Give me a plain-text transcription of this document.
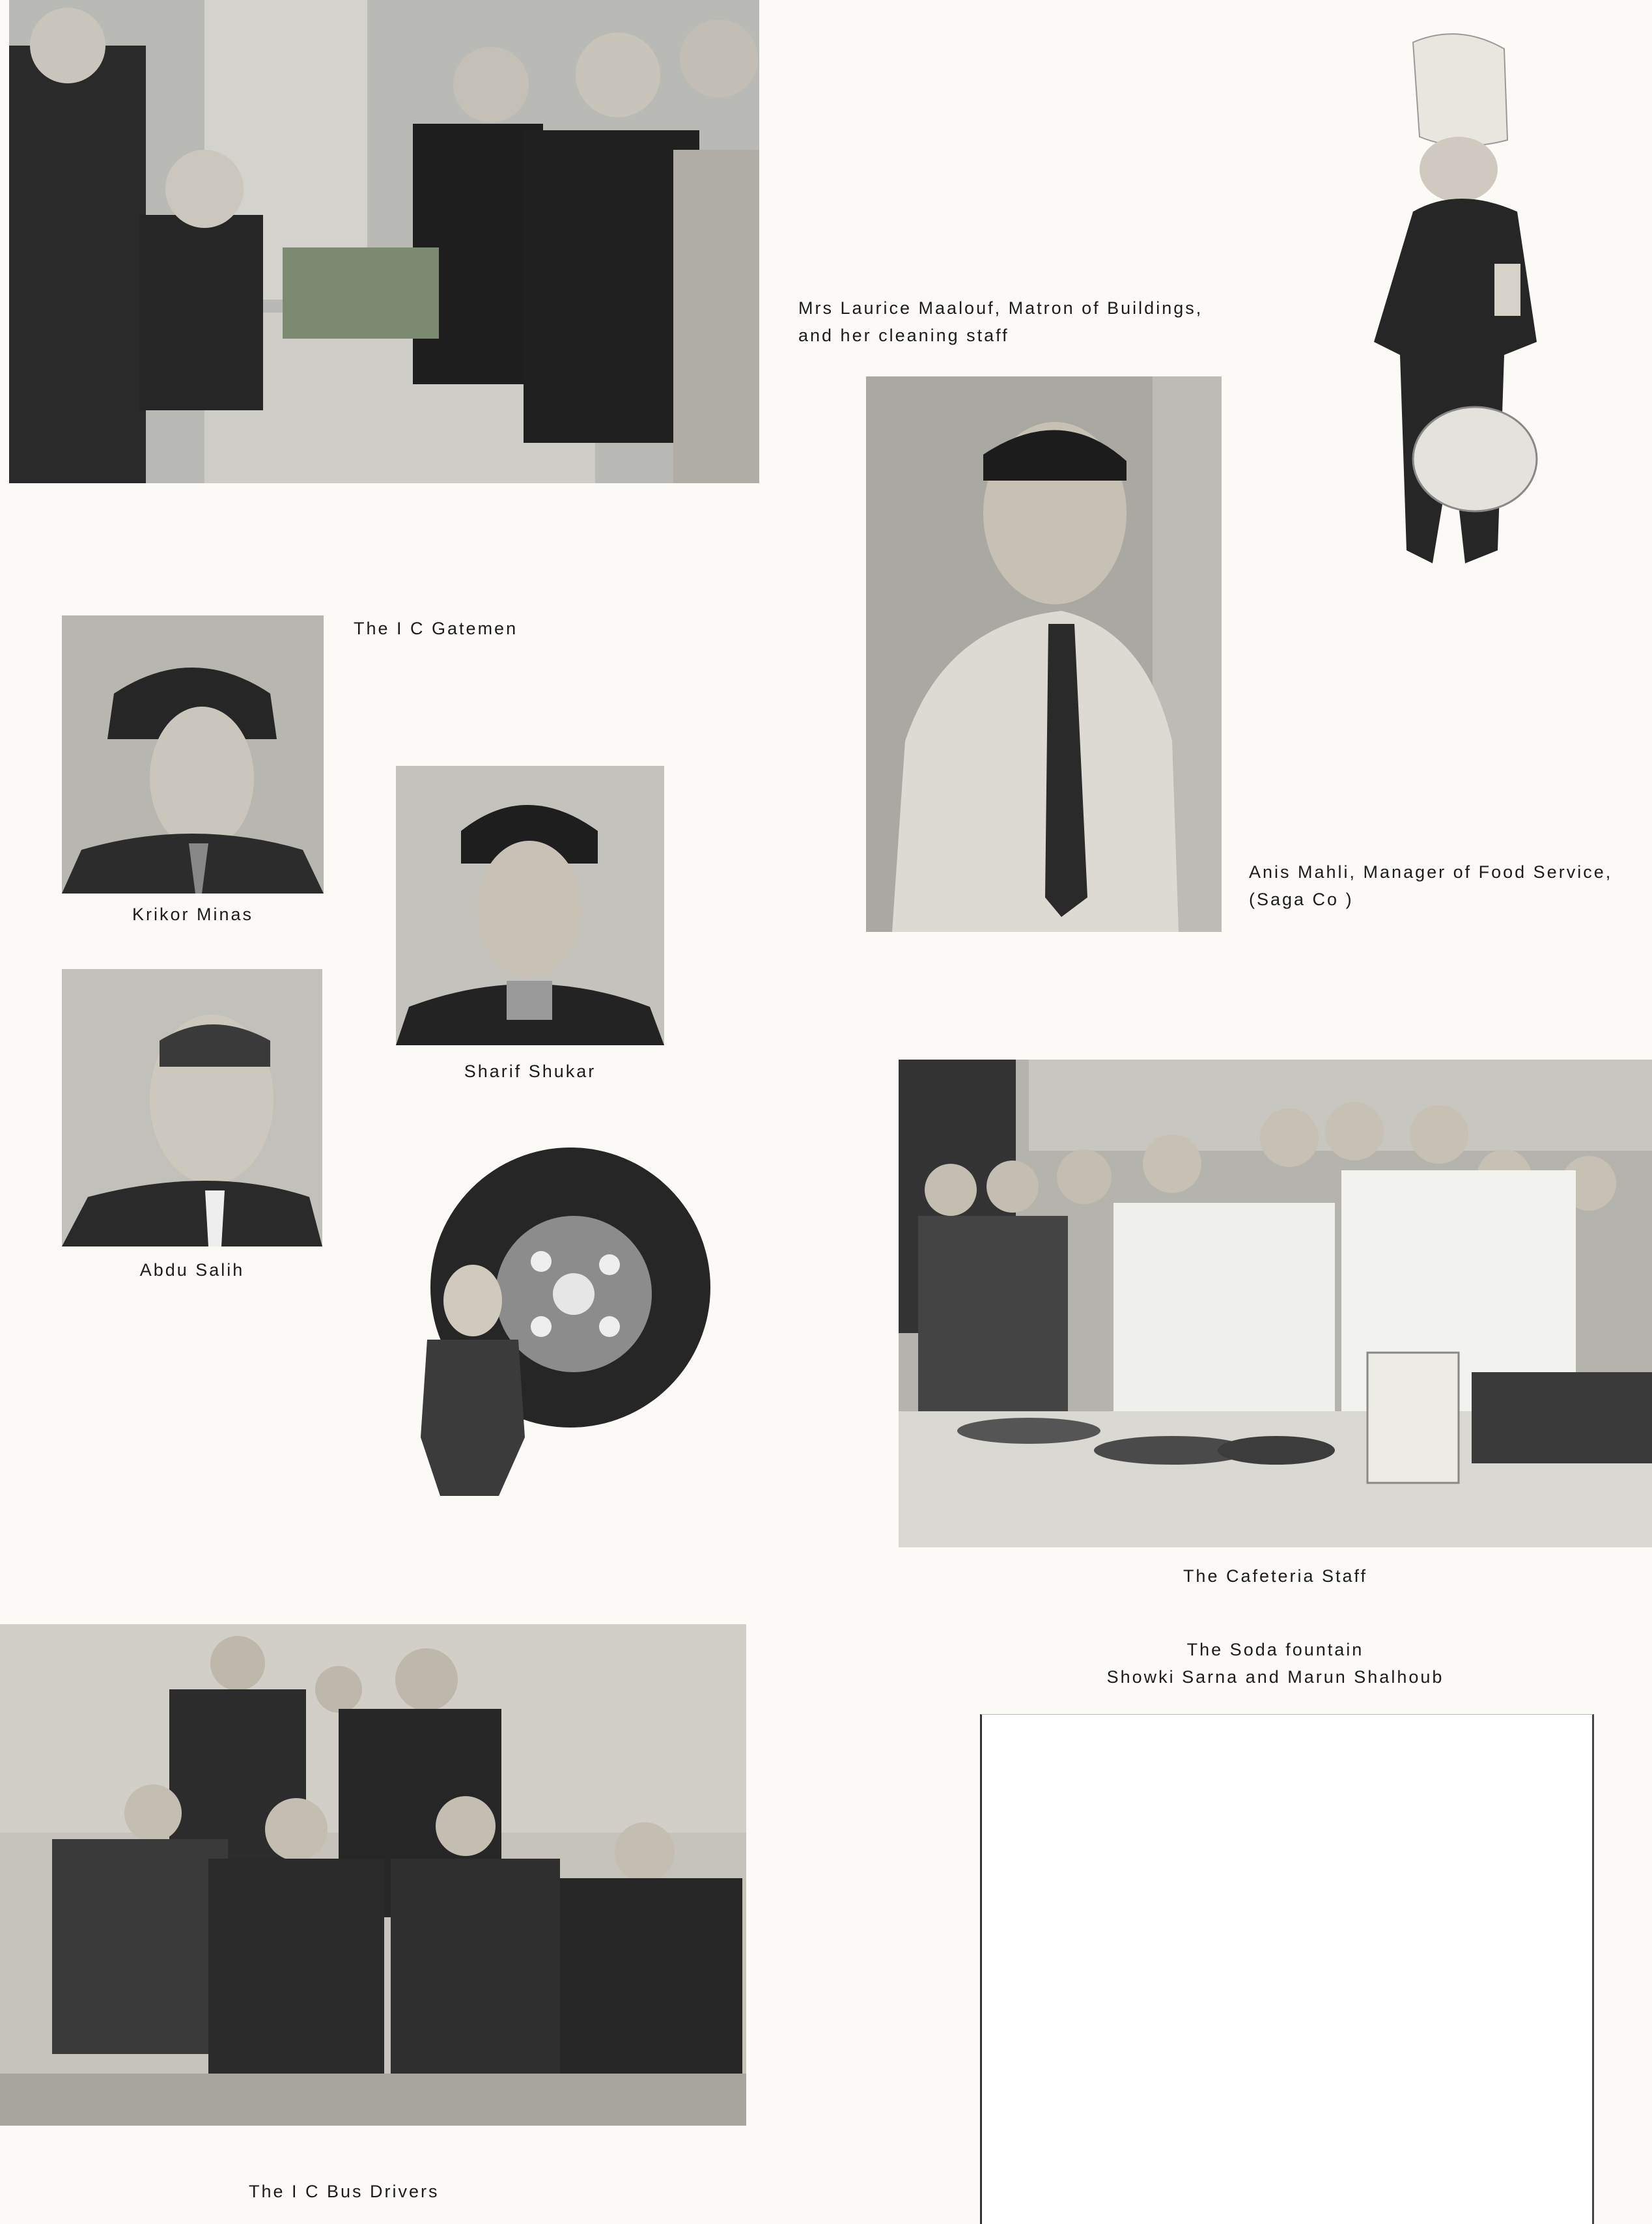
Mrs Laurice Maalouf, Matron of Buildings,
and her cleaning staff
The I C Gatemen
Krikor Minas
Sharif Shukar
Abdu Salih
Anis Mahli, Manager of Food Service,
(Saga Co )
The Cafeteria Staff
The Soda fountain
Showki Sarna and Marun Shalhoub
The I C Bus Drivers
